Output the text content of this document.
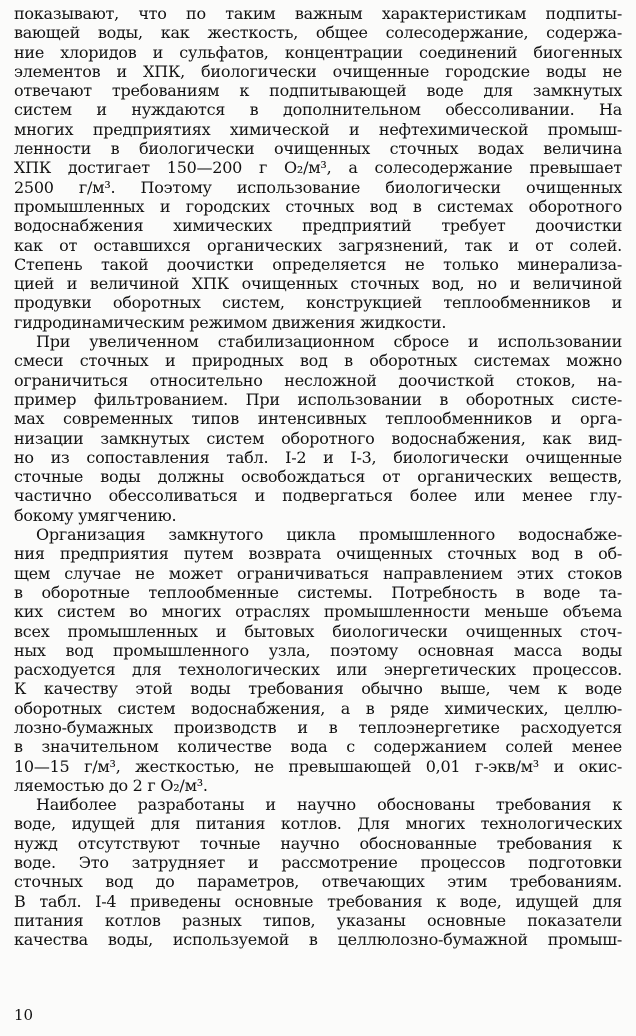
показывают, что по таким важным характеристикам подпиты-
вающей воды, как жесткость, общее солесодержание, содержа-
ние хлоридов и сульфатов, концентрации соединений биогенных
элементов и ХПК, биологически очищенные городские воды не
отвечают требованиям к подпитывающей воде для замкнутых
систем и нуждаются в дополнительном обессоливании. На
многих предприятиях химической и нефтехимической промыш-
ленности в биологически очищенных сточных водах величина
ХПК достигает 150—200 г О₂/м³, а солесодержание превышает
2500 г/м³. Поэтому использование биологически очищенных
промышленных и городских сточных вод в системах оборотного
водоснабжения химических предприятий требует доочистки
как от оставшихся органических загрязнений, так и от солей.
Степень такой доочистки определяется не только минерализа-
цией и величиной ХПК очищенных сточных вод, но и величиной
продувки оборотных систем, конструкцией теплообменников и
гидродинамическим режимом движения жидкости.
При увеличенном стабилизационном сбросе и использовании
смеси сточных и природных вод в оборотных системах можно
ограничиться относительно несложной доочисткой стоков, на-
пример фильтрованием. При использовании в оборотных систе-
мах современных типов интенсивных теплообменников и орга-
низации замкнутых систем оборотного водоснабжения, как вид-
но из сопоставления табл. I-2 и I-3, биологически очищенные
сточные воды должны освобождаться от органических веществ,
частично обессоливаться и подвергаться более или менее глу-
бокому умягчению.
Организация замкнутого цикла промышленного водоснабже-
ния предприятия путем возврата очищенных сточных вод в об-
щем случае не может ограничиваться направлением этих стоков
в оборотные теплообменные системы. Потребность в воде та-
ких систем во многих отраслях промышленности меньше объема
всех промышленных и бытовых биологически очищенных сточ-
ных вод промышленного узла, поэтому основная масса воды
расходуется для технологических или энергетических процессов.
К качеству этой воды требования обычно выше, чем к воде
оборотных систем водоснабжения, а в ряде химических, целлю-
лозно-бумажных производств и в теплоэнергетике расходуется
в значительном количестве вода с содержанием солей менее
10—15 г/м³, жесткостью, не превышающей 0,01 г-экв/м³ и окис-
ляемостью до 2 г О₂/м³.
Наиболее разработаны и научно обоснованы требования к
воде, идущей для питания котлов. Для многих технологических
нужд отсутствуют точные научно обоснованные требования к
воде. Это затрудняет и рассмотрение процессов подготовки
сточных вод до параметров, отвечающих этим требованиям.
В табл. I-4 приведены основные требования к воде, идущей для
питания котлов разных типов, указаны основные показатели
качества воды, используемой в целлюлозно-бумажной промыш-
10
